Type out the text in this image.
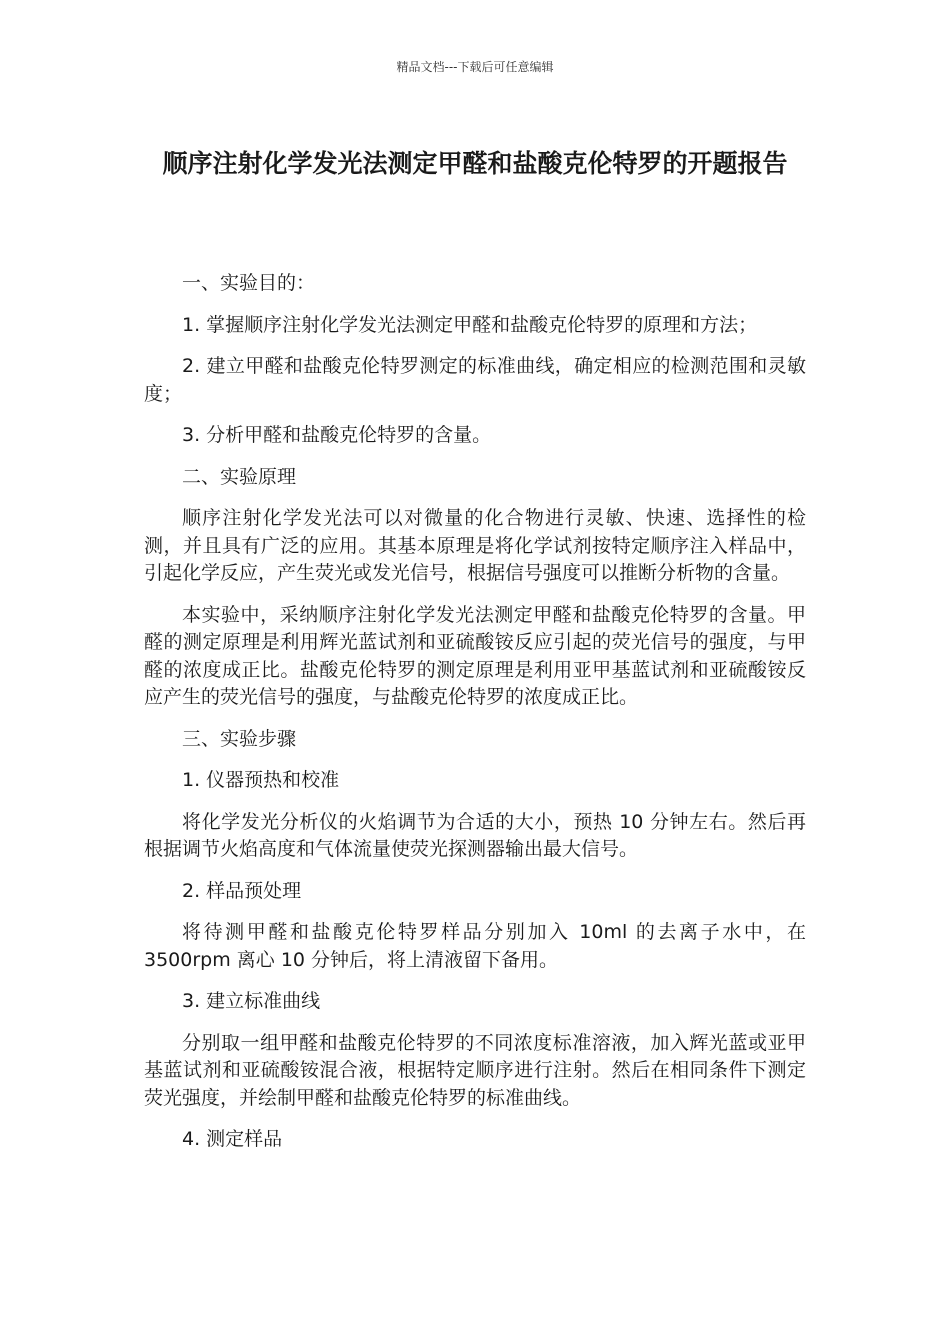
精品文档---下载后可任意编辑
顺序注射化学发光法测定甲醛和盐酸克伦特罗的开题报告

一、实验目的：

1. 掌握顺序注射化学发光法测定甲醛和盐酸克伦特罗的原理和方法；

2. 建立甲醛和盐酸克伦特罗测定的标准曲线，确定相应的检测范围和灵敏度；

3. 分析甲醛和盐酸克伦特罗的含量。

二、实验原理

顺序注射化学发光法可以对微量的化合物进行灵敏、快速、选择性的检测，并且具有广泛的应用。其基本原理是将化学试剂按特定顺序注入样品中，引起化学反应，产生荧光或发光信号，根据信号强度可以推断分析物的含量。

本实验中，采纳顺序注射化学发光法测定甲醛和盐酸克伦特罗的含量。甲醛的测定原理是利用辉光蓝试剂和亚硫酸铵反应引起的荧光信号的强度，与甲醛的浓度成正比。盐酸克伦特罗的测定原理是利用亚甲基蓝试剂和亚硫酸铵反应产生的荧光信号的强度，与盐酸克伦特罗的浓度成正比。

三、实验步骤

1. 仪器预热和校准

将化学发光分析仪的火焰调节为合适的大小，预热 10 分钟左右。然后再根据调节火焰高度和气体流量使荧光探测器输出最大信号。

2. 样品预处理

将待测甲醛和盐酸克伦特罗样品分别加入 10ml 的去离子水中，在 3500rpm 离心 10 分钟后，将上清液留下备用。

3. 建立标准曲线

分别取一组甲醛和盐酸克伦特罗的不同浓度标准溶液，加入辉光蓝或亚甲基蓝试剂和亚硫酸铵混合液，根据特定顺序进行注射。然后在相同条件下测定荧光强度，并绘制甲醛和盐酸克伦特罗的标准曲线。

4. 测定样品
